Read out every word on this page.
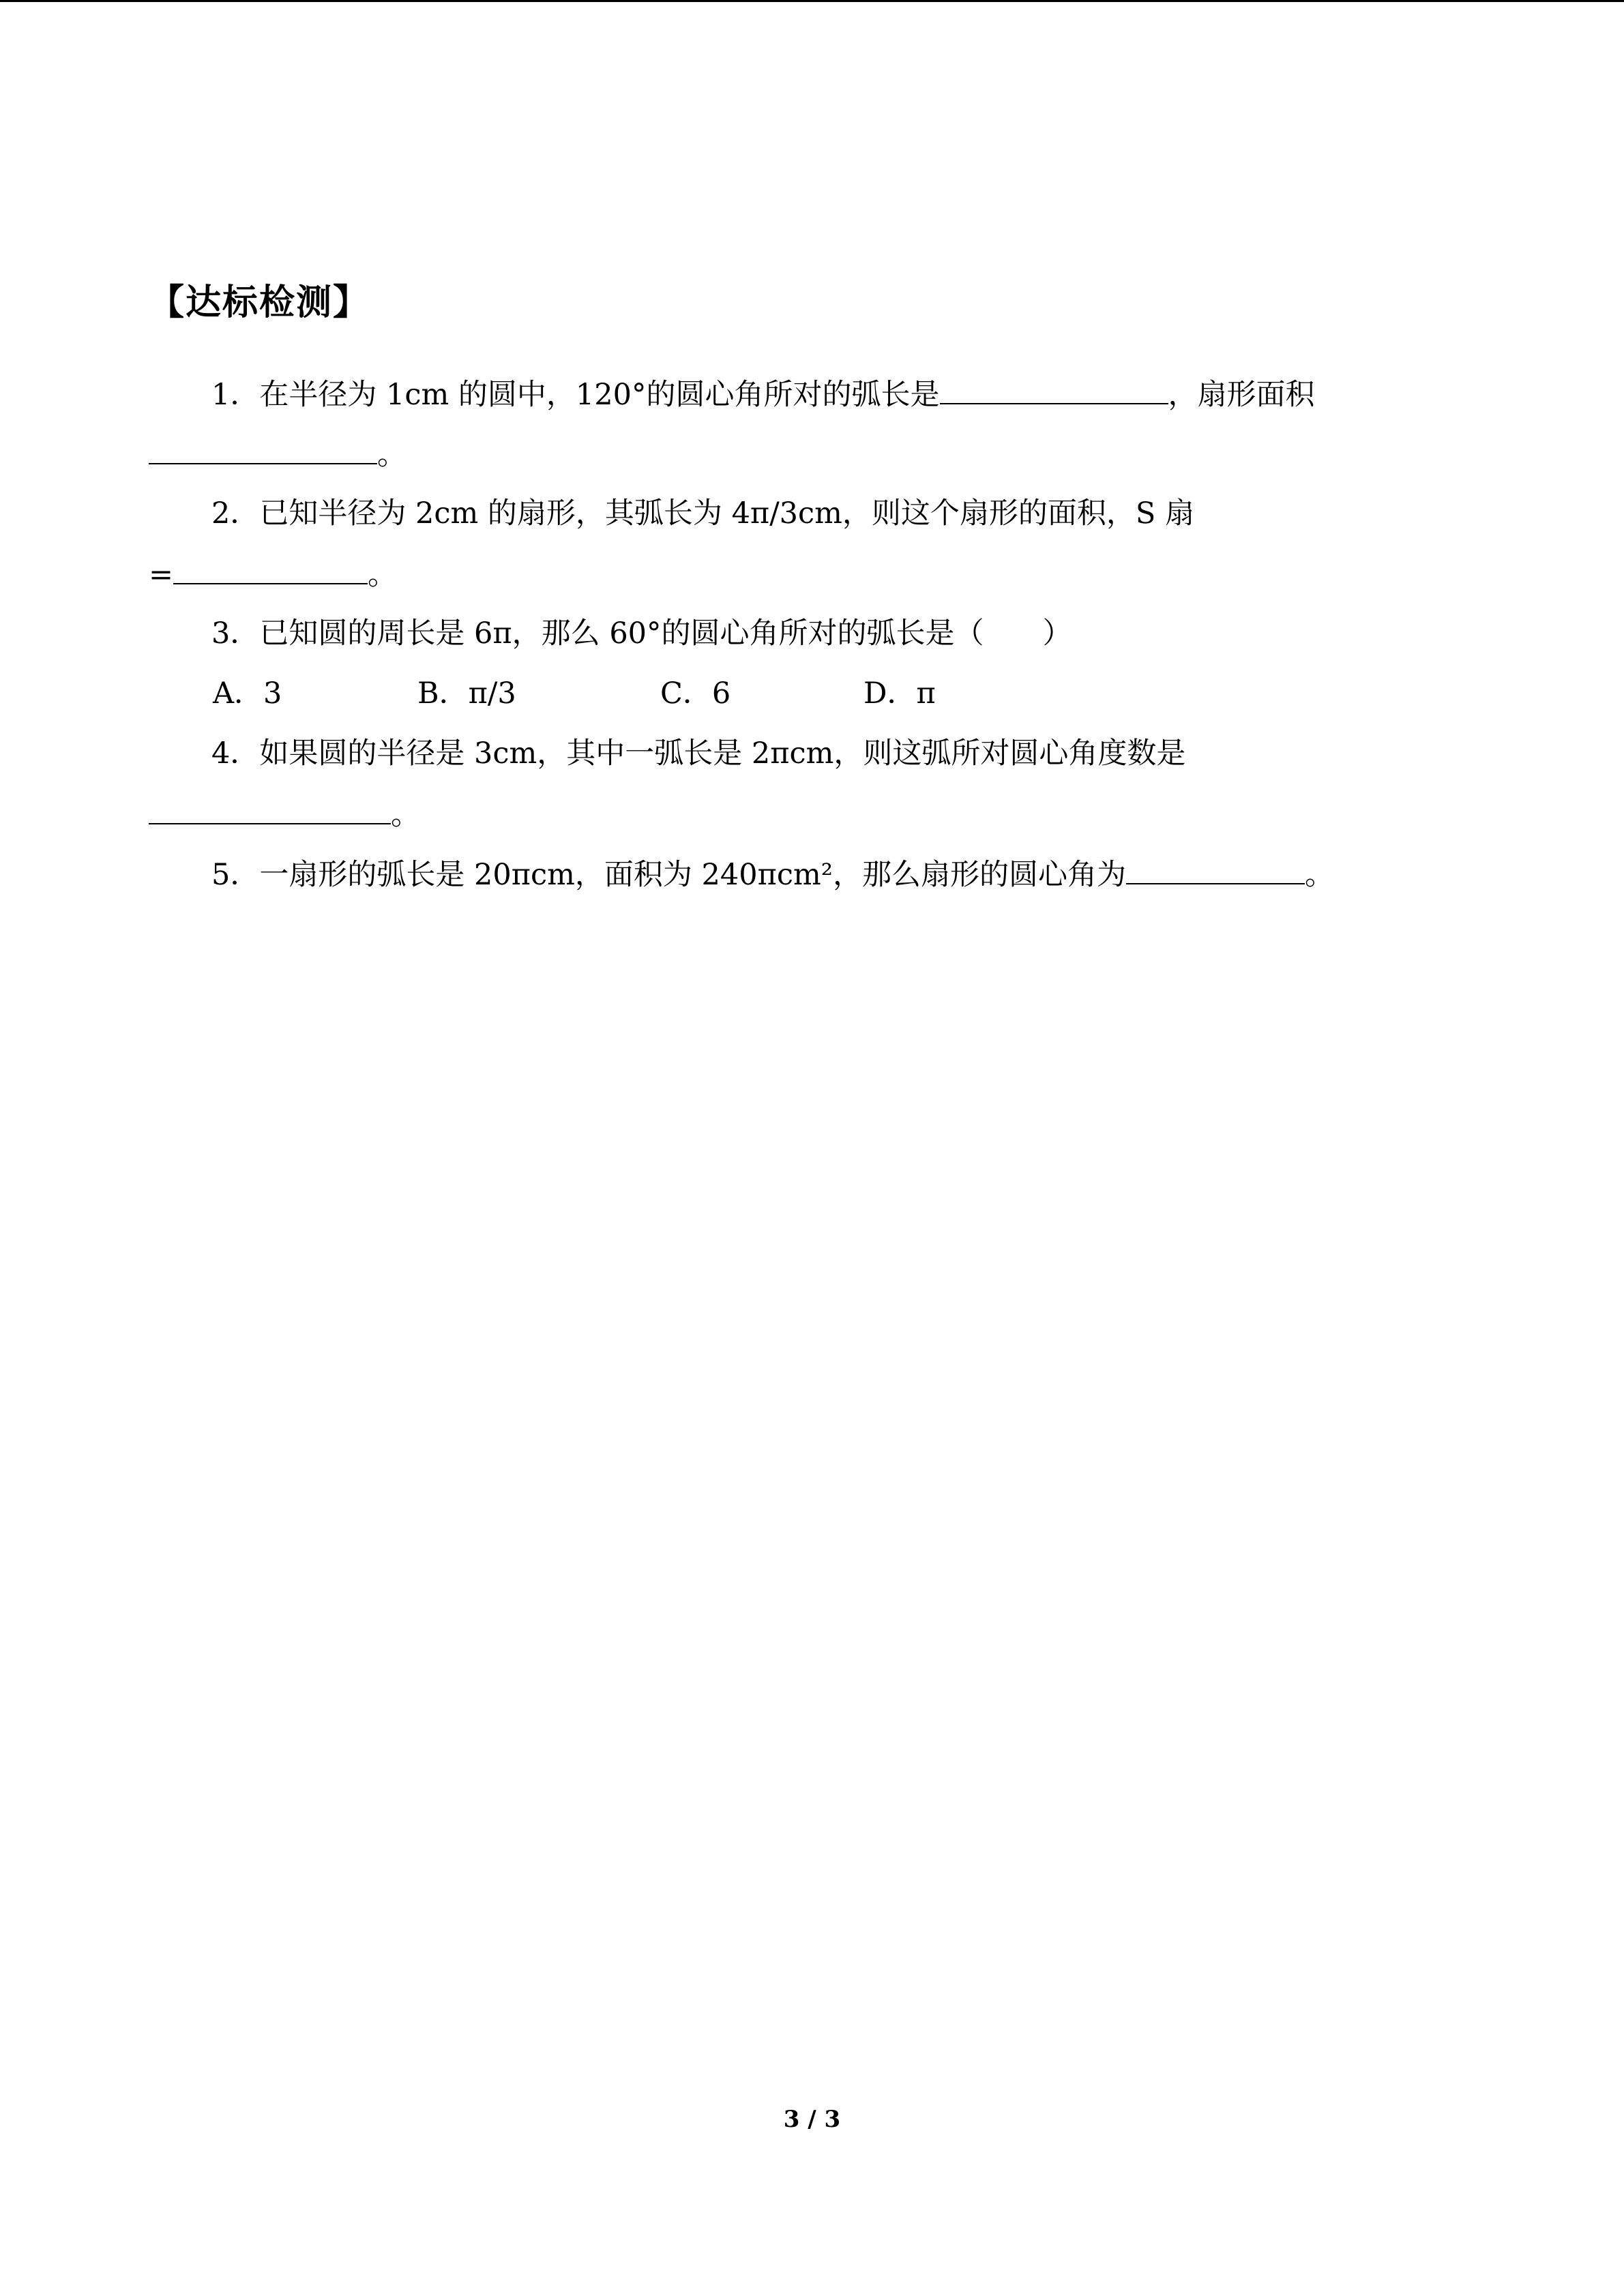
【达标检测】
1．在半径为 1cm 的圆中，120°的圆心角所对的弧长是	，扇形面积
。
2．已知半径为 2cm 的扇形，其弧长为 4π/3cm，则这个扇形的面积，S 扇
=	。
3．已知圆的周长是 6π，那么 60°的圆心角所对的弧长是（　　）
A．3	B．π/3	C．6	D．π
4．如果圆的半径是 3cm，其中一弧长是 2πcm，则这弧所对圆心角度数是
。
5．一扇形的弧长是 20πcm，面积为 240πcm²，那么扇形的圆心角为	。
3 / 3
